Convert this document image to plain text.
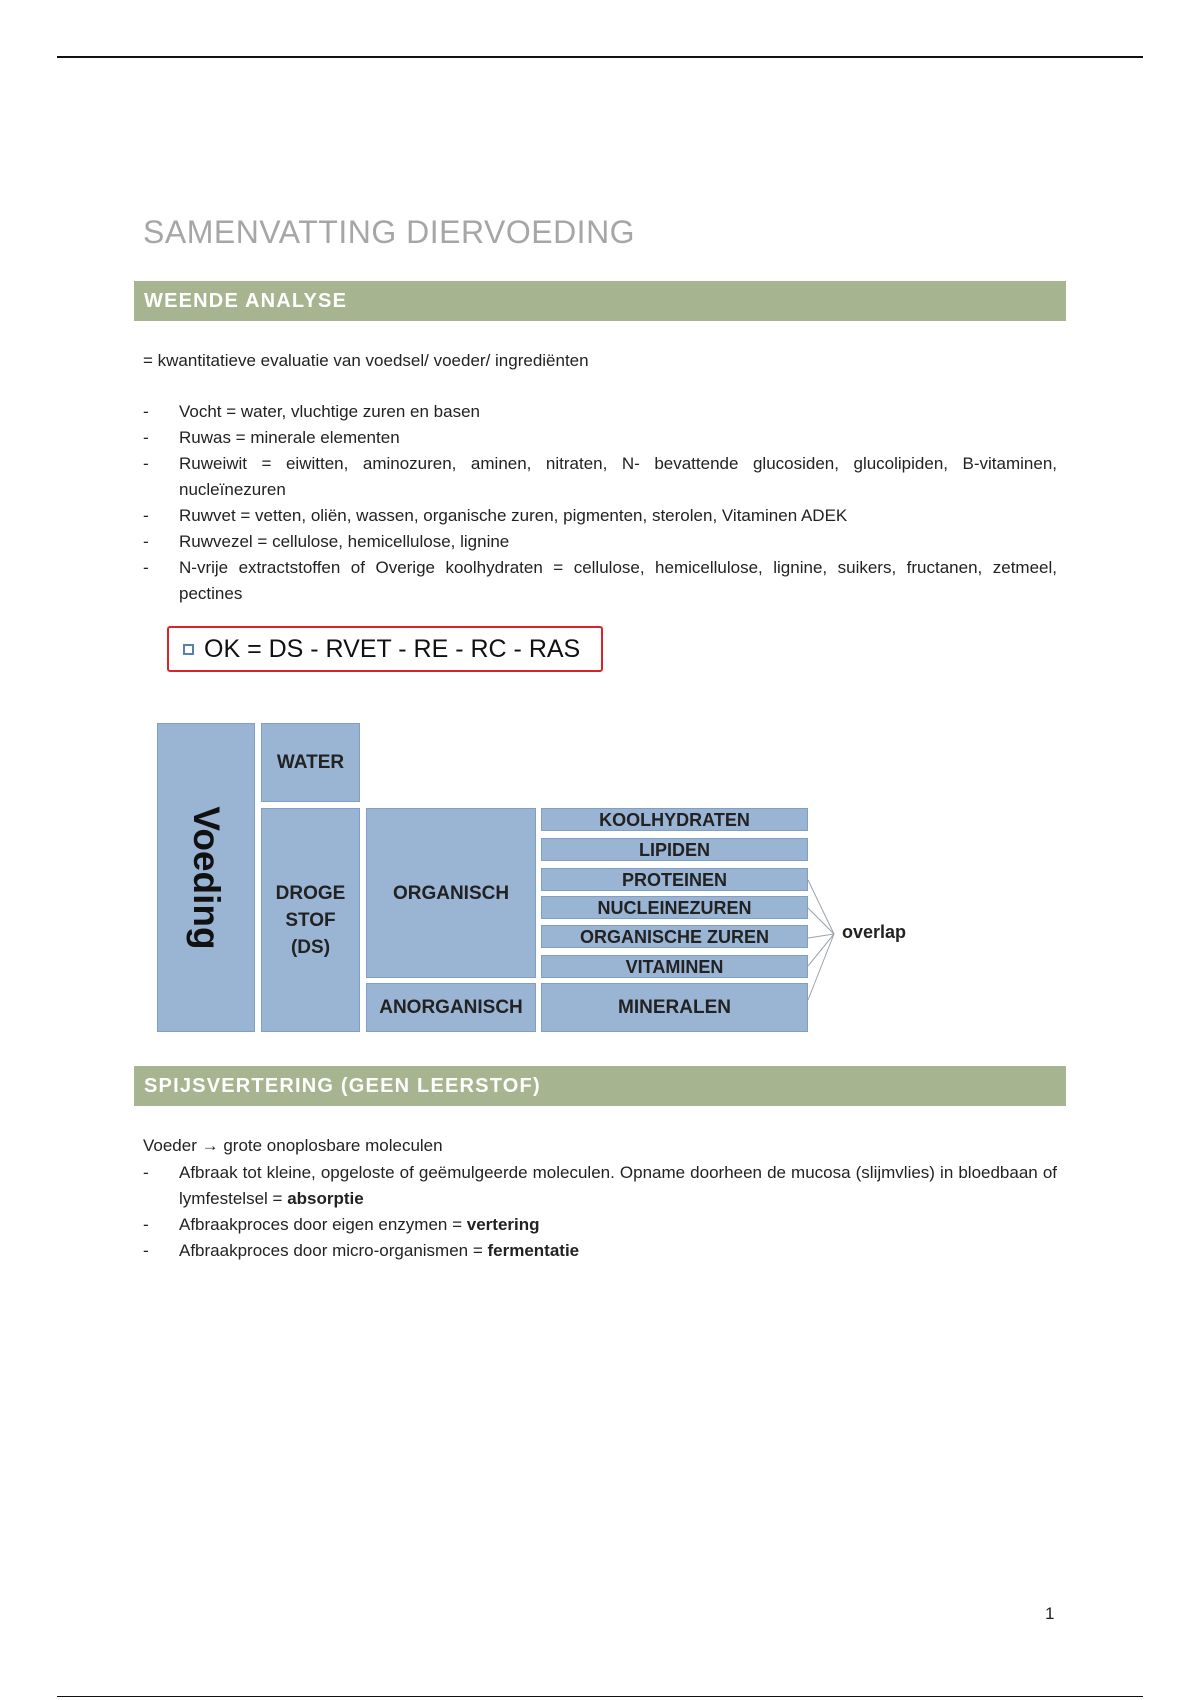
SAMENVATTING DIERVOEDING
WEENDE ANALYSE
= kwantitatieve evaluatie van voedsel/ voeder/ ingrediënten
- Vocht = water, vluchtige zuren en basen
- Ruwas = minerale elementen
- Ruweiwit = eiwitten, aminozuren, aminen, nitraten, N- bevattende glucosiden, glucolipiden, B-vitaminen, nucleïnezuren
- Ruwvet = vetten, oliën, wassen, organische zuren, pigmenten, sterolen, Vitaminen ADEK
- Ruwvezel = cellulose, hemicellulose, lignine
- N-vrije extractstoffen of Overige koolhydraten = cellulose, hemicellulose, lignine, suikers, fructanen, zetmeel, pectines
OK = DS - RVET - RE - RC - RAS
Voeding
WATER
DROGE STOF (DS)
ORGANISCH
ANORGANISCH
KOOLHYDRATEN
LIPIDEN
PROTEINEN
NUCLEINEZUREN
ORGANISCHE ZUREN
VITAMINEN
MINERALEN
overlap
SPIJSVERTERING (GEEN LEERSTOF)
Voeder → grote onoplosbare moleculen
- Afbraak tot kleine, opgeloste of geëmulgeerde moleculen. Opname doorheen de mucosa (slijmvlies) in bloedbaan of lymfestelsel = absorptie
- Afbraakproces door eigen enzymen = vertering
- Afbraakproces door micro-organismen = fermentatie
1
